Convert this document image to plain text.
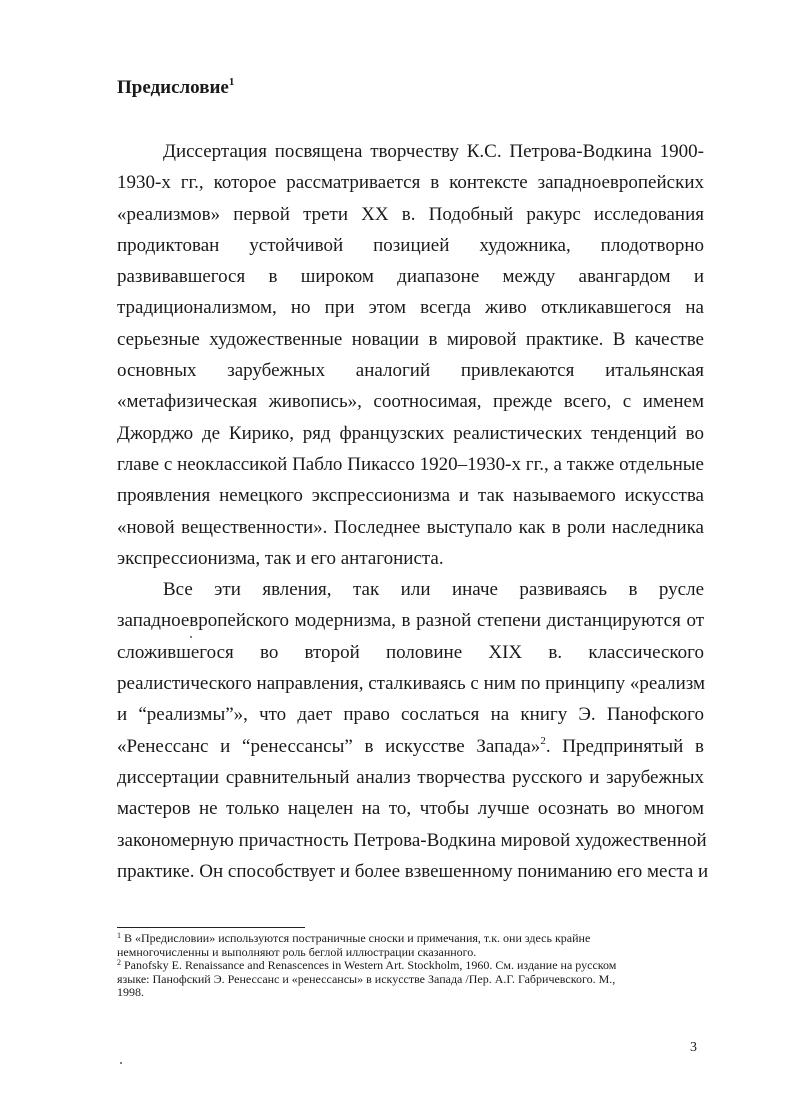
Предисловие$^1$

Диссертация посвящена творчеству К.С. Петрова-Водкина 1900-

1930-х гг., которое рассматривается в контексте западноевропейских

«реализмов» первой трети XX в. Подобный ракурс исследования

продиктован устойчивой позицией художника, плодотворно

развивавшегося в широком диапазоне между авангардом и

традиционализмом, но при этом всегда живо откликавшегося на

серьезные художественные новации в мировой практике. В качестве

основных зарубежных аналогий привлекаются итальянская

«метафизическая живопись», соотносимая, прежде всего, с именем

Джорджо де Кирико, ряд французских реалистических тенденций во

главе с неоклассикой Пабло Пикассо 1920–1930-х гг., а также отдельные

проявления немецкого экспрессионизма и так называемого искусства

«новой вещественности». Последнее выступало как в роли наследника

экспрессионизма, так и его антагониста.

Все эти явления, так или иначе развиваясь в русле

западноевропейского модернизма, в разной степени дистанцируются от

сложившегося во второй половине XIX в. классического

реалистического направления, сталкиваясь с ним по принципу «реализм

и “реализмы”», что дает право сослаться на книгу Э. Панофского

«Ренессанс и “ренессансы” в искусстве Запада»$^2$. Предпринятый в

диссертации сравнительный анализ творчества русского и зарубежных

мастеров не только нацелен на то, чтобы лучше осознать во многом

закономерную причастность Петрова-Водкина мировой художественной

практике. Он способствует и более взвешенному пониманию его места и

$^1$ В «Предисловии» используются постраничные сноски и примечания, т.к. они здесь крайне

немногочисленны и выполняют роль беглой иллюстрации сказанного.

$^2$ Panofsky E. Renaissance and Renascences in Western Art. Stockholm, 1960. См. издание на русском

языке: Панофский Э. Ренессанс и «ренессансы» в искусстве Запада /Пер. А.Г. Габричевского. М.,

1998.

3
